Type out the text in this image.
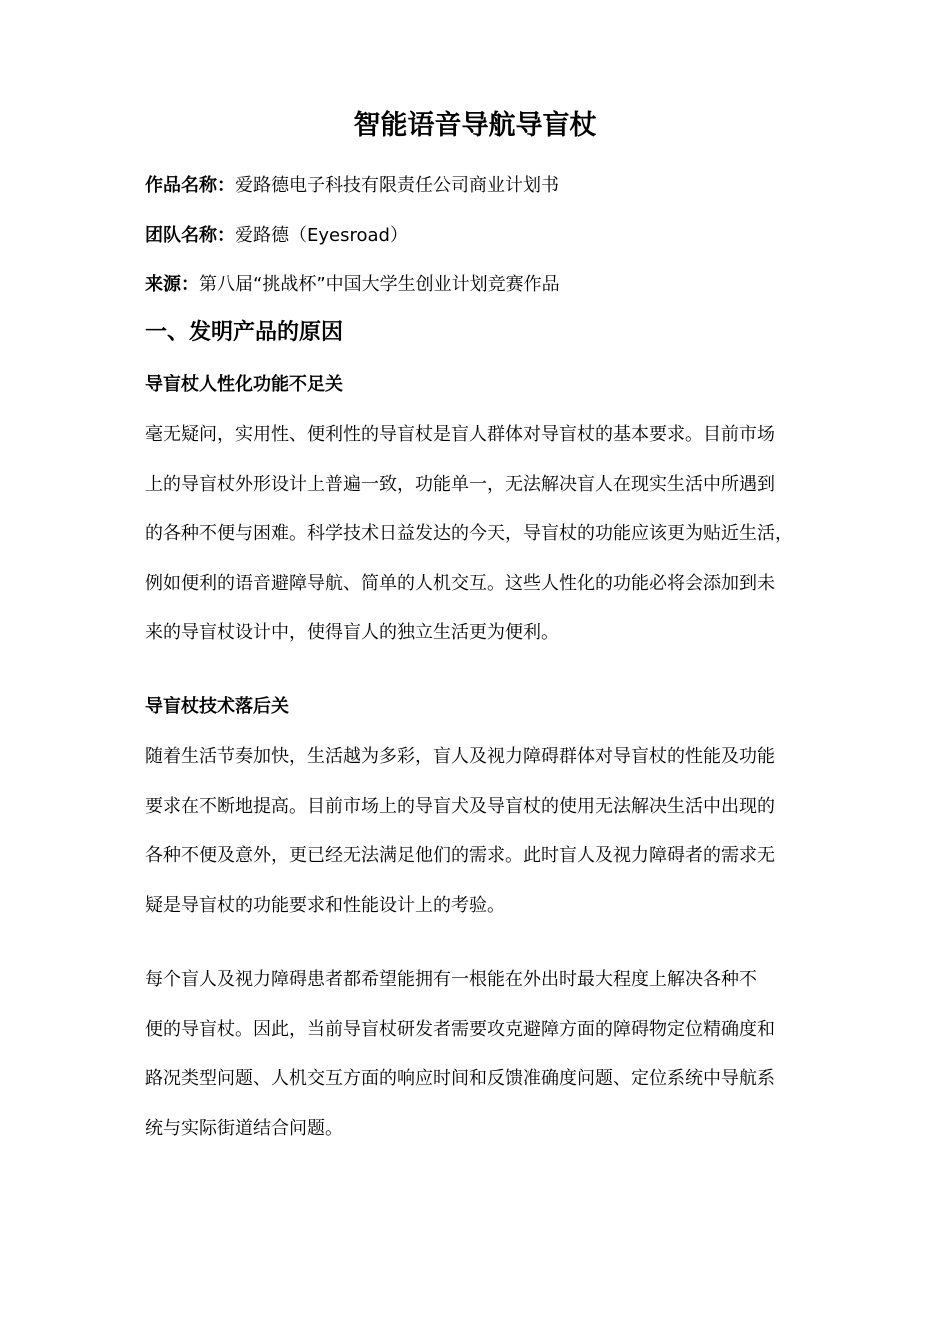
智能语音导航导盲杖
作品名称：爱路德电子科技有限责任公司商业计划书
团队名称：爱路德（Eyesroad）
来源：第八届“挑战杯”中国大学生创业计划竞赛作品
一、发明产品的原因
导盲杖人性化功能不足关
毫无疑问，实用性、便利性的导盲杖是盲人群体对导盲杖的基本要求。目前市场
上的导盲杖外形设计上普遍一致，功能单一，无法解决盲人在现实生活中所遇到
的各种不便与困难。科学技术日益发达的今天，导盲杖的功能应该更为贴近生活，
例如便利的语音避障导航、简单的人机交互。这些人性化的功能必将会添加到未
来的导盲杖设计中，使得盲人的独立生活更为便利。
导盲杖技术落后关
随着生活节奏加快，生活越为多彩，盲人及视力障碍群体对导盲杖的性能及功能
要求在不断地提高。目前市场上的导盲犬及导盲杖的使用无法解决生活中出现的
各种不便及意外，更已经无法满足他们的需求。此时盲人及视力障碍者的需求无
疑是导盲杖的功能要求和性能设计上的考验。
每个盲人及视力障碍患者都希望能拥有一根能在外出时最大程度上解决各种不
便的导盲杖。因此，当前导盲杖研发者需要攻克避障方面的障碍物定位精确度和
路况类型问题、人机交互方面的响应时间和反馈准确度问题、定位系统中导航系
统与实际街道结合问题。
